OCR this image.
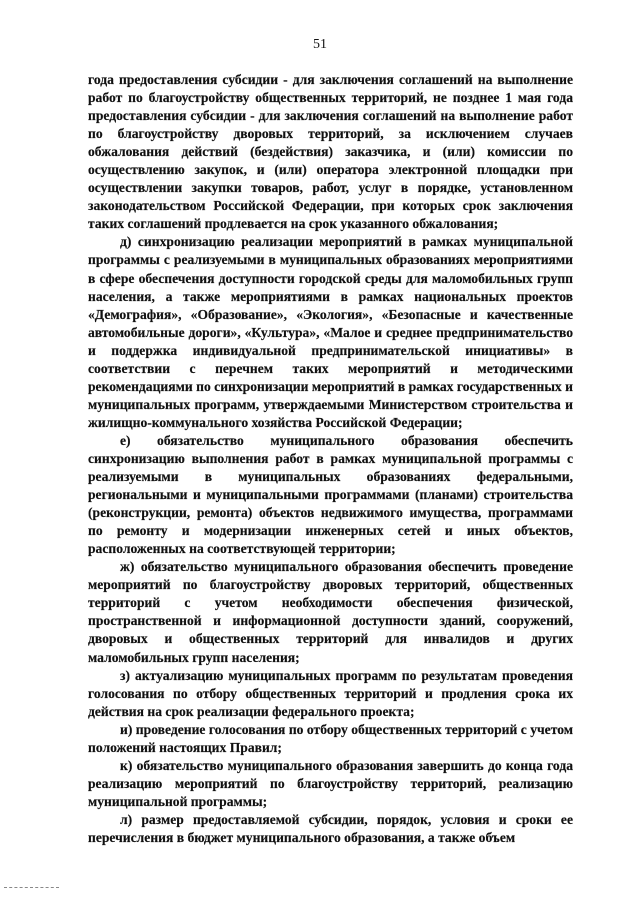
51

года предоставления субсидии - для заключения соглашений на выполнение работ по благоустройству общественных территорий, не позднее 1 мая года предоставления субсидии - для заключения соглашений на выполнение работ по благоустройству дворовых территорий, за исключением случаев обжалования действий (бездействия) заказчика, и (или) комиссии по осуществлению закупок, и (или) оператора электронной площадки при осуществлении закупки товаров, работ, услуг в порядке, установленном законодательством Российской Федерации, при которых срок заключения таких соглашений продлевается на срок указанного обжалования;

д) синхронизацию реализации мероприятий в рамках муниципальной программы с реализуемыми в муниципальных образованиях мероприятиями в сфере обеспечения доступности городской среды для маломобильных групп населения, а также мероприятиями в рамках национальных проектов «Демография», «Образование», «Экология», «Безопасные и качественные автомобильные дороги», «Культура», «Малое и среднее предпринимательство и поддержка индивидуальной предпринимательской инициативы» в соответствии с перечнем таких мероприятий и методическими рекомендациями по синхронизации мероприятий в рамках государственных и муниципальных программ, утверждаемыми Министерством строительства и жилищно-коммунального хозяйства Российской Федерации;

е) обязательство муниципального образования обеспечить синхронизацию выполнения работ в рамках муниципальной программы с реализуемыми в муниципальных образованиях федеральными, региональными и муниципальными программами (планами) строительства (реконструкции, ремонта) объектов недвижимого имущества, программами по ремонту и модернизации инженерных сетей и иных объектов, расположенных на соответствующей территории;

ж) обязательство муниципального образования обеспечить проведение мероприятий по благоустройству дворовых территорий, общественных территорий с учетом необходимости обеспечения физической, пространственной и информационной доступности зданий, сооружений, дворовых и общественных территорий для инвалидов и других маломобильных групп населения;

з) актуализацию муниципальных программ по результатам проведения голосования по отбору общественных территорий и продления срока их действия на срок реализации федерального проекта;

и) проведение голосования по отбору общественных территорий с учетом положений настоящих Правил;

к) обязательство муниципального образования завершить до конца года реализацию мероприятий по благоустройству территорий, реализацию муниципальной программы;

л) размер предоставляемой субсидии, порядок, условия и сроки ее перечисления в бюджет муниципального образования, а также объем
